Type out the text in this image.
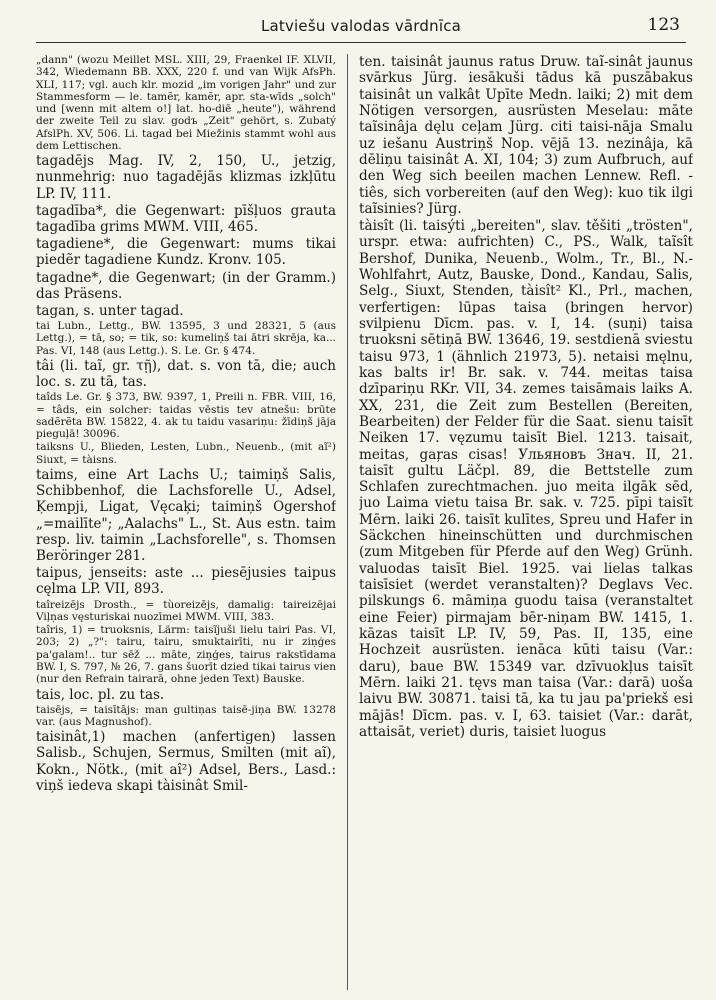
Latviešu valodas vārdnīca	123

„dann" (wozu Meillet MSL. XIII, 29, Fraenkel IF. XLVII, 342, Wiedemann BB. XXX, 220 f. und van Wijk AfsPh. XLI, 117; vgl. auch klr. mozid „im vorigen Jahr" und zur Stammesform — le. tamẽr, kamẽr, apr. sta-wīds „solch" und [wenn mit altem o!] lat. ho-diē „heute"), während der zweite Teil zu slav. godъ „Zeit" gehört, s. Zubatý AfslPh. XV, 506. Li. tagad bei Miežinis stammt wohl aus dem Lettischen.

tagadējs Mag. IV, 2, 150, U., jetzig, nunmehrig: nuo tagadējās klizmas izkļūtu LP. IV, 111.

tagadība*, die Gegenwart: pīšļuos grauta tagadība grims MWM. VIII, 465.

tagadiene*, die Gegenwart: mums tikai piedẽr tagadiene Kundz. Kronv. 105.

tagadne*, die Gegenwart; (in der Gramm.) das Präsens.

tagan, s. unter tagad.

tai Lubn., Lettg., BW. 13595, 3 und 28321, 5 (aus Lettg.), = tā, so; = tik, so: kumeliņš tai ātri skrēja, ka... Pas. VI, 148 (aus Lettg.). S. Le. Gr. § 474.

tâi (li. taĩ, gr. τῇ), dat. s. von tā, die; auch loc. s. zu tā, tas.

taîds Le. Gr. § 373, BW. 9397, 1, Preili n. FBR. VIII, 16, = tâds, ein solcher: taidas vēstis tev atnešu: brūte sadẽrẽta BW. 15822, 4. ak tu taidu vasariņu: žīdiņš jāja pieguļā! 30096.

taiksns U., Blieden, Lesten, Lubn., Neuenb., (mit aĩ²) Siuxt, = tàisns.

taims, eine Art Lachs U.; taimiņš Salis, Schibbenhof, die Lachsforelle U., Adsel, Ķempji, Ligat, Vęcaķi; taimiņš Ogershof „=mailīte"; „Aalachs" L., St. Aus estn. taim resp. liv. taimin „Lachsforelle", s. Thomsen Beröringer 281.

taipus, jenseits: aste ... piesējusies taipus cęlma LP. VII, 893.

taîreizējs Drosth., = tùoreizējs, damalig: taireizējai Viļņas vęsturiskai nuozīmei MWM. VIII, 383.

taîris, 1) = truoksnis, Lärm: taisĩjuši lielu tairi Pas. VI, 203; 2) „?": tairu, tairu, smuktairīti, nu ir ziņģes pa'galam!.. tur sēž ... māte, ziņģes, tairus rakstīdama BW. I, S. 797, № 26, 7. gans šuorīt dzied tikai tairus vien (nur den Refrain tairarā, ohne jeden Text) Bauske.

tais, loc. pl. zu tas.

taisējs, = taisītājs: man gultiņas taisē-jiņa BW. 13278 var. (aus Magnushof).

taisinât,1) machen (anfertigen) lassen Salisb., Schujen, Sermus, Smilten (mit aĩ), Kokn., Nötk., (mit aî²) Adsel, Bers., Lasd.: viņš iedeva skapi tàisinât Smil-

ten. taisinât jaunus ratus Druw. taĩ-sinât jaunus svārkus Jürg. iesākuši tādus kā puszābakus taisinât un valkât Upīte Medn. laiki; 2) mit dem Nötigen versorgen, ausrüsten Meselau: māte taĩsinâja dęlu ceļam Jürg. citi taisi-nāja Smalu uz iešanu Austriņš Nop. vējā 13. nezinâja, kā dēliņu taisinât A. XI, 104; 3) zum Aufbruch, auf den Weg sich beeilen machen Lennew. Refl. -tiês, sich vorbereiten (auf den Weg): kuo tik ilgi taĩsinies? Jürg.

tàisît (li. taisýti „bereiten", slav. těšiti „trösten", urspr. etwa: aufrichten) C., PS., Walk, taĩsît Bershof, Dunika, Neuenb., Wolm., Tr., Bl., N.-Wohlfahrt, Autz, Bauske, Dond., Kandau, Salis, Selg., Siuxt, Stenden, tàisît² Kl., Prl., machen, verfertigen: lūpas taisa (bringen hervor) svilpienu Dīcm. pas. v. I, 14. (suņi) taisa truoksni sētiņā BW. 13646, 19. sestdienā sviestu taisu 973, 1 (ähnlich 21973, 5). netaisi męlnu, kas balts ir! Br. sak. v. 744. meitas taisa dzīpariņu RKr. VII, 34. zemes taisāmais laiks A. XX, 231, die Zeit zum Bestellen (Bereiten, Bearbeiten) der Felder für die Saat. sienu taisīt Neiken 17. vęzumu taisīt Biel. 1213. taisait, meitas, gaŗas cisas! Ульяновъ Знач. II, 21. taisīt gultu Läčpl. 89, die Bettstelle zum Schlafen zurechtmachen. juo meita ilgāk sēd, juo Laima vietu taisa Br. sak. v. 725. pīpi taisīt Mērn. laiki 26. taisīt kulītes, Spreu und Hafer in Säckchen hineinschütten und durchmischen (zum Mitgeben für Pferde auf den Weg) Grünh. valuodas taisīt Biel. 1925. vai lielas talkas taisīsiet (werdet veranstalten)? Deglavs Vec. pilskungs 6. māmiņa guodu taisa (veranstaltet eine Feier) pirmajam bēr-niņam BW. 1415, 1. kāzas taisīt LP. IV, 59, Pas. II, 135, eine Hochzeit ausrüsten. ienāca kūti taisu (Var.: daru), baue BW. 15349 var. dzīvuokļus taisīt Mērn. laiki 21. tęvs man taisa (Var.: darā) uoša laivu BW. 30871. taisi tā, ka tu jau pa'priekš esi mājās! Dīcm. pas. v. I, 63. taisiet (Var.: darāt, attaisāt, veriet) duris, taisiet luogus
